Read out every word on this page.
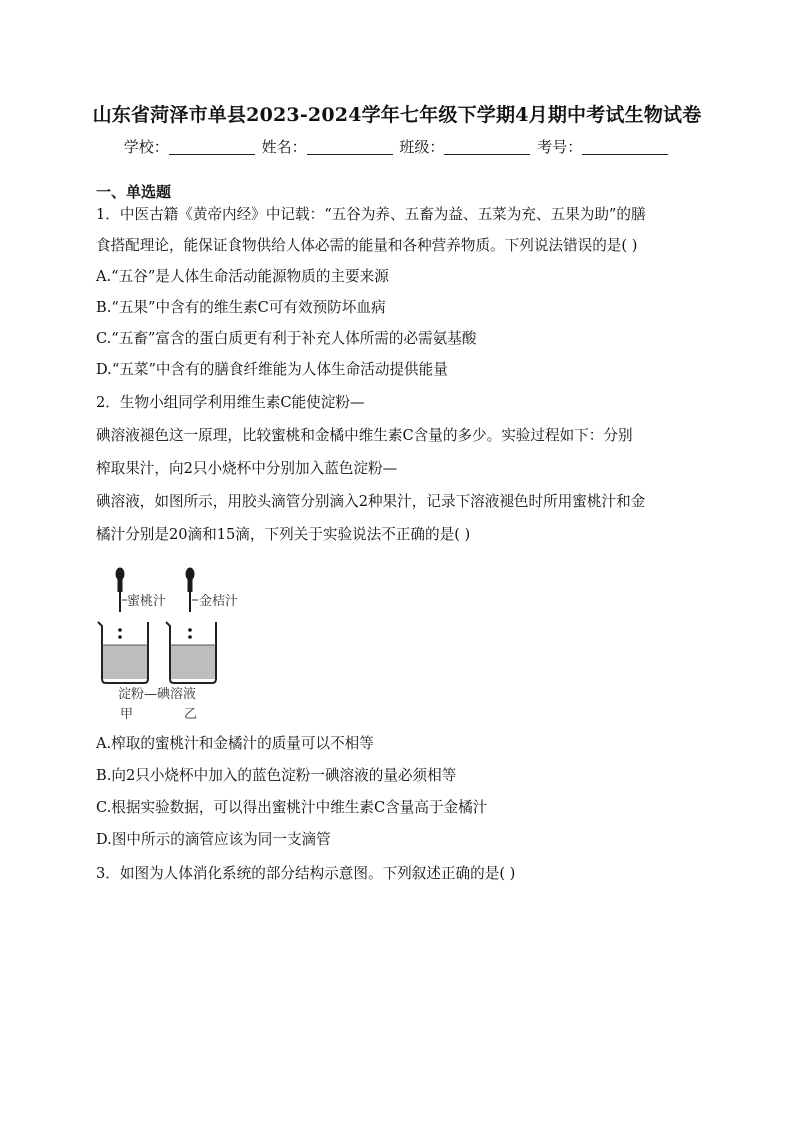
山东省菏泽市单县2023-2024学年七年级下学期4月期中考试生物试卷
学校：	姓名：	班级：	考号：
一、单选题
1．中医古籍《黄帝内经》中记载：“五谷为养、五畜为益、五菜为充、五果为助”的膳
食搭配理论，能保证食物供给人体必需的能量和各种营养物质。下列说法错误的是( )
A.“五谷”是人体生命活动能源物质的主要来源
B.“五果”中含有的维生素C可有效预防坏血病
C.“五畜”富含的蛋白质更有利于补充人体所需的必需氨基酸
D.“五菜”中含有的膳食纤维能为人体生命活动提供能量
2．生物小组同学利用维生素C能使淀粉—
碘溶液褪色这一原理，比较蜜桃和金橘中维生素C含量的多少。实验过程如下：分别
榨取果汁，向2只小烧杯中分别加入蓝色淀粉—
碘溶液，如图所示，用胶头滴管分别滴入2种果汁，记录下溶液褪色时所用蜜桃汁和金
橘汁分别是20滴和15滴，下列关于实验说法不正确的是( )
蜜桃汁	金桔汁
淀粉—碘溶液
甲	乙
A.榨取的蜜桃汁和金橘汁的质量可以不相等
B.向2只小烧杯中加入的蓝色淀粉一碘溶液的量必须相等
C.根据实验数据，可以得出蜜桃汁中维生素C含量高于金橘汁
D.图中所示的滴管应该为同一支滴管
3．如图为人体消化系统的部分结构示意图。下列叙述正确的是( )
